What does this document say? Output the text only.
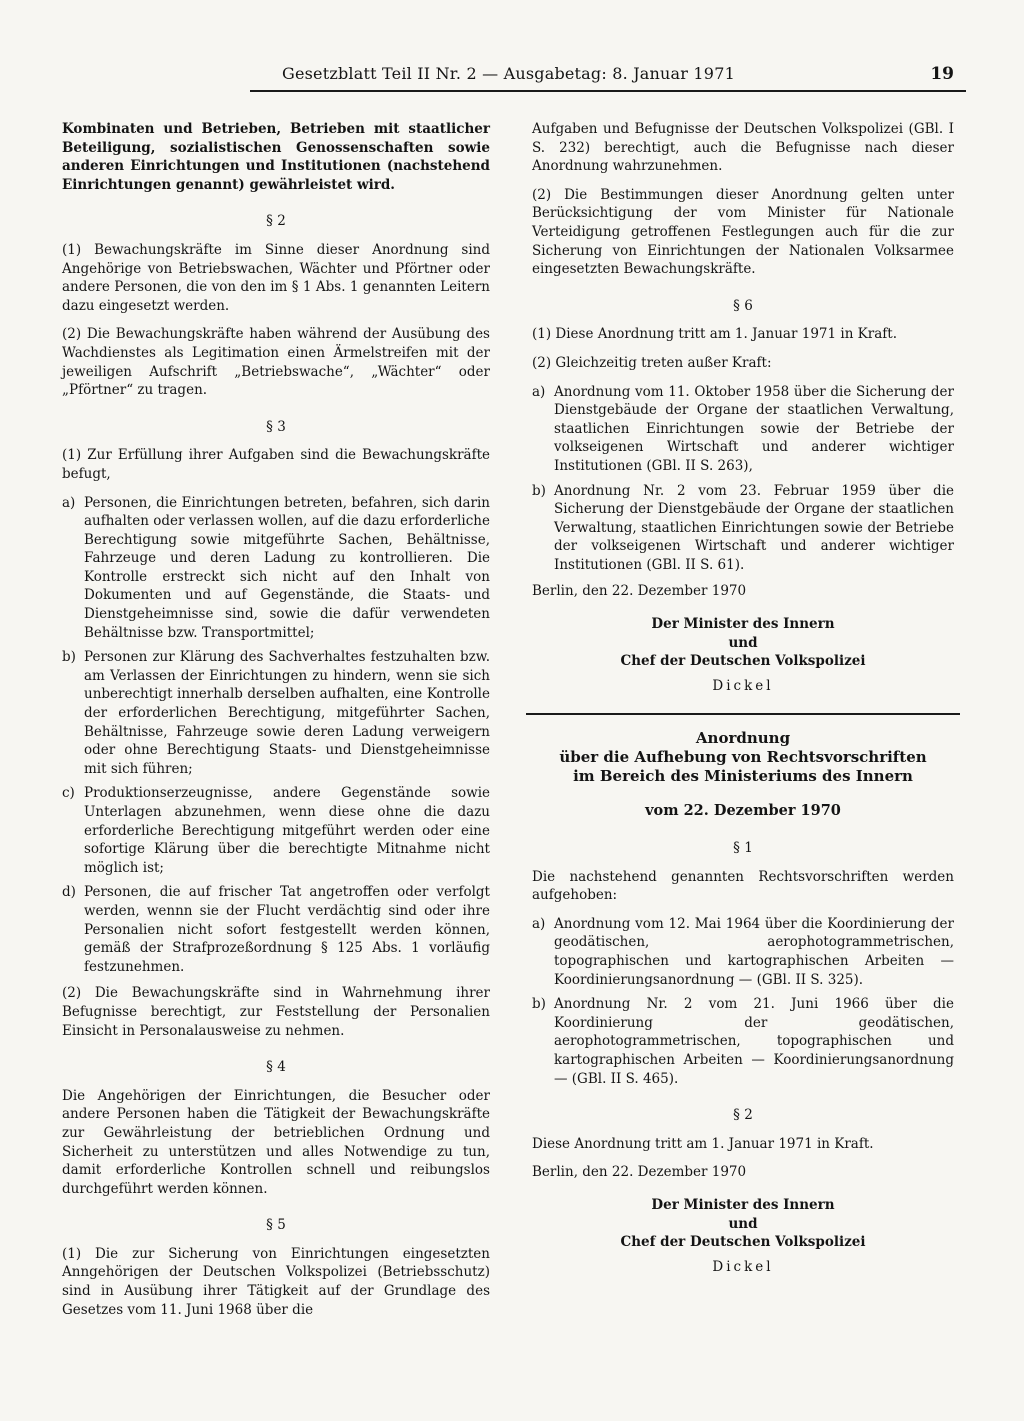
Gesetzblatt Teil II Nr. 2 — Ausgabetag: 8. Januar 1971	19

Kombinaten und Betrieben, Betrieben mit staatlicher Beteiligung, sozialistischen Genossenschaften sowie anderen Einrichtungen und Institutionen (nachstehend Einrichtungen genannt) gewährleistet wird.

§ 2

(1) Bewachungskräfte im Sinne dieser Anordnung sind Angehörige von Betriebswachen, Wächter und Pförtner oder andere Personen, die von den im § 1 Abs. 1 genannten Leitern dazu eingesetzt werden.

(2) Die Bewachungskräfte haben während der Ausübung des Wachdienstes als Legitimation einen Ärmelstreifen mit der jeweiligen Aufschrift „Betriebswache“, „Wächter“ oder „Pförtner“ zu tragen.

§ 3

(1) Zur Erfüllung ihrer Aufgaben sind die Bewachungskräfte befugt,

a) Personen, die Einrichtungen betreten, befahren, sich darin aufhalten oder verlassen wollen, auf die dazu erforderliche Berechtigung sowie mitgeführte Sachen, Behältnisse, Fahrzeuge und deren Ladung zu kontrollieren. Die Kontrolle erstreckt sich nicht auf den Inhalt von Dokumenten und auf Gegenstände, die Staats- und Dienstgeheimnisse sind, sowie die dafür verwendeten Behältnisse bzw. Transportmittel;
b) Personen zur Klärung des Sachverhaltes festzuhalten bzw. am Verlassen der Einrichtungen zu hindern, wenn sie sich unberechtigt innerhalb derselben aufhalten, eine Kontrolle der erforderlichen Berechtigung, mitgeführter Sachen, Behältnisse, Fahrzeuge sowie deren Ladung verweigern oder ohne Berechtigung Staats- und Dienstgeheimnisse mit sich führen;
c) Produktionserzeugnisse, andere Gegenstände sowie Unterlagen abzunehmen, wenn diese ohne die dazu erforderliche Berechtigung mitgeführt werden oder eine sofortige Klärung über die berechtigte Mitnahme nicht möglich ist;
d) Personen, die auf frischer Tat angetroffen oder verfolgt werden, wennn sie der Flucht verdächtig sind oder ihre Personalien nicht sofort festgestellt werden können, gemäß der Strafprozeßordnung § 125 Abs. 1 vorläufig festzunehmen.

(2) Die Bewachungskräfte sind in Wahrnehmung ihrer Befugnisse berechtigt, zur Feststellung der Personalien Einsicht in Personalausweise zu nehmen.

§ 4

Die Angehörigen der Einrichtungen, die Besucher oder andere Personen haben die Tätigkeit der Bewachungskräfte zur Gewährleistung der betrieblichen Ordnung und Sicherheit zu unterstützen und alles Notwendige zu tun, damit erforderliche Kontrollen schnell und reibungslos durchgeführt werden können.

§ 5

(1) Die zur Sicherung von Einrichtungen eingesetzten Anngehörigen der Deutschen Volkspolizei (Betriebsschutz) sind in Ausübung ihrer Tätigkeit auf der Grundlage des Gesetzes vom 11. Juni 1968 über die

Aufgaben und Befugnisse der Deutschen Volkspolizei (GBl. I S. 232) berechtigt, auch die Befugnisse nach dieser Anordnung wahrzunehmen.

(2) Die Bestimmungen dieser Anordnung gelten unter Berücksichtigung der vom Minister für Nationale Verteidigung getroffenen Festlegungen auch für die zur Sicherung von Einrichtungen der Nationalen Volksarmee eingesetzten Bewachungskräfte.

§ 6

(1) Diese Anordnung tritt am 1. Januar 1971 in Kraft.

(2) Gleichzeitig treten außer Kraft:

a) Anordnung vom 11. Oktober 1958 über die Sicherung der Dienstgebäude der Organe der staatlichen Verwaltung, staatlichen Einrichtungen sowie der Betriebe der volkseigenen Wirtschaft und anderer wichtiger Institutionen (GBl. II S. 263),
b) Anordnung Nr. 2 vom 23. Februar 1959 über die Sicherung der Dienstgebäude der Organe der staatlichen Verwaltung, staatlichen Einrichtungen sowie der Betriebe der volkseigenen Wirtschaft und anderer wichtiger Institutionen (GBl. II S. 61).

Berlin, den 22. Dezember 1970

Der Minister des Innern
und
Chef der Deutschen Volkspolizei
Dickel
Anordnung
über die Aufhebung von Rechtsvorschriften
im Bereich des Ministeriums des Innern
vom 22. Dezember 1970
§ 1

Die nachstehend genannten Rechtsvorschriften werden aufgehoben:

a) Anordnung vom 12. Mai 1964 über die Koordinierung der geodätischen, aerophotogrammetrischen, topographischen und kartographischen Arbeiten — Koordinierungsanordnung — (GBl. II S. 325).
b) Anordnung Nr. 2 vom 21. Juni 1966 über die Koordinierung der geodätischen, aerophotogrammetrischen, topographischen und kartographischen Arbeiten — Koordinierungsanordnung — (GBl. II S. 465).
§ 2

Diese Anordnung tritt am 1. Januar 1971 in Kraft.

Berlin, den 22. Dezember 1970

Der Minister des Innern
und
Chef der Deutschen Volkspolizei
Dickel
